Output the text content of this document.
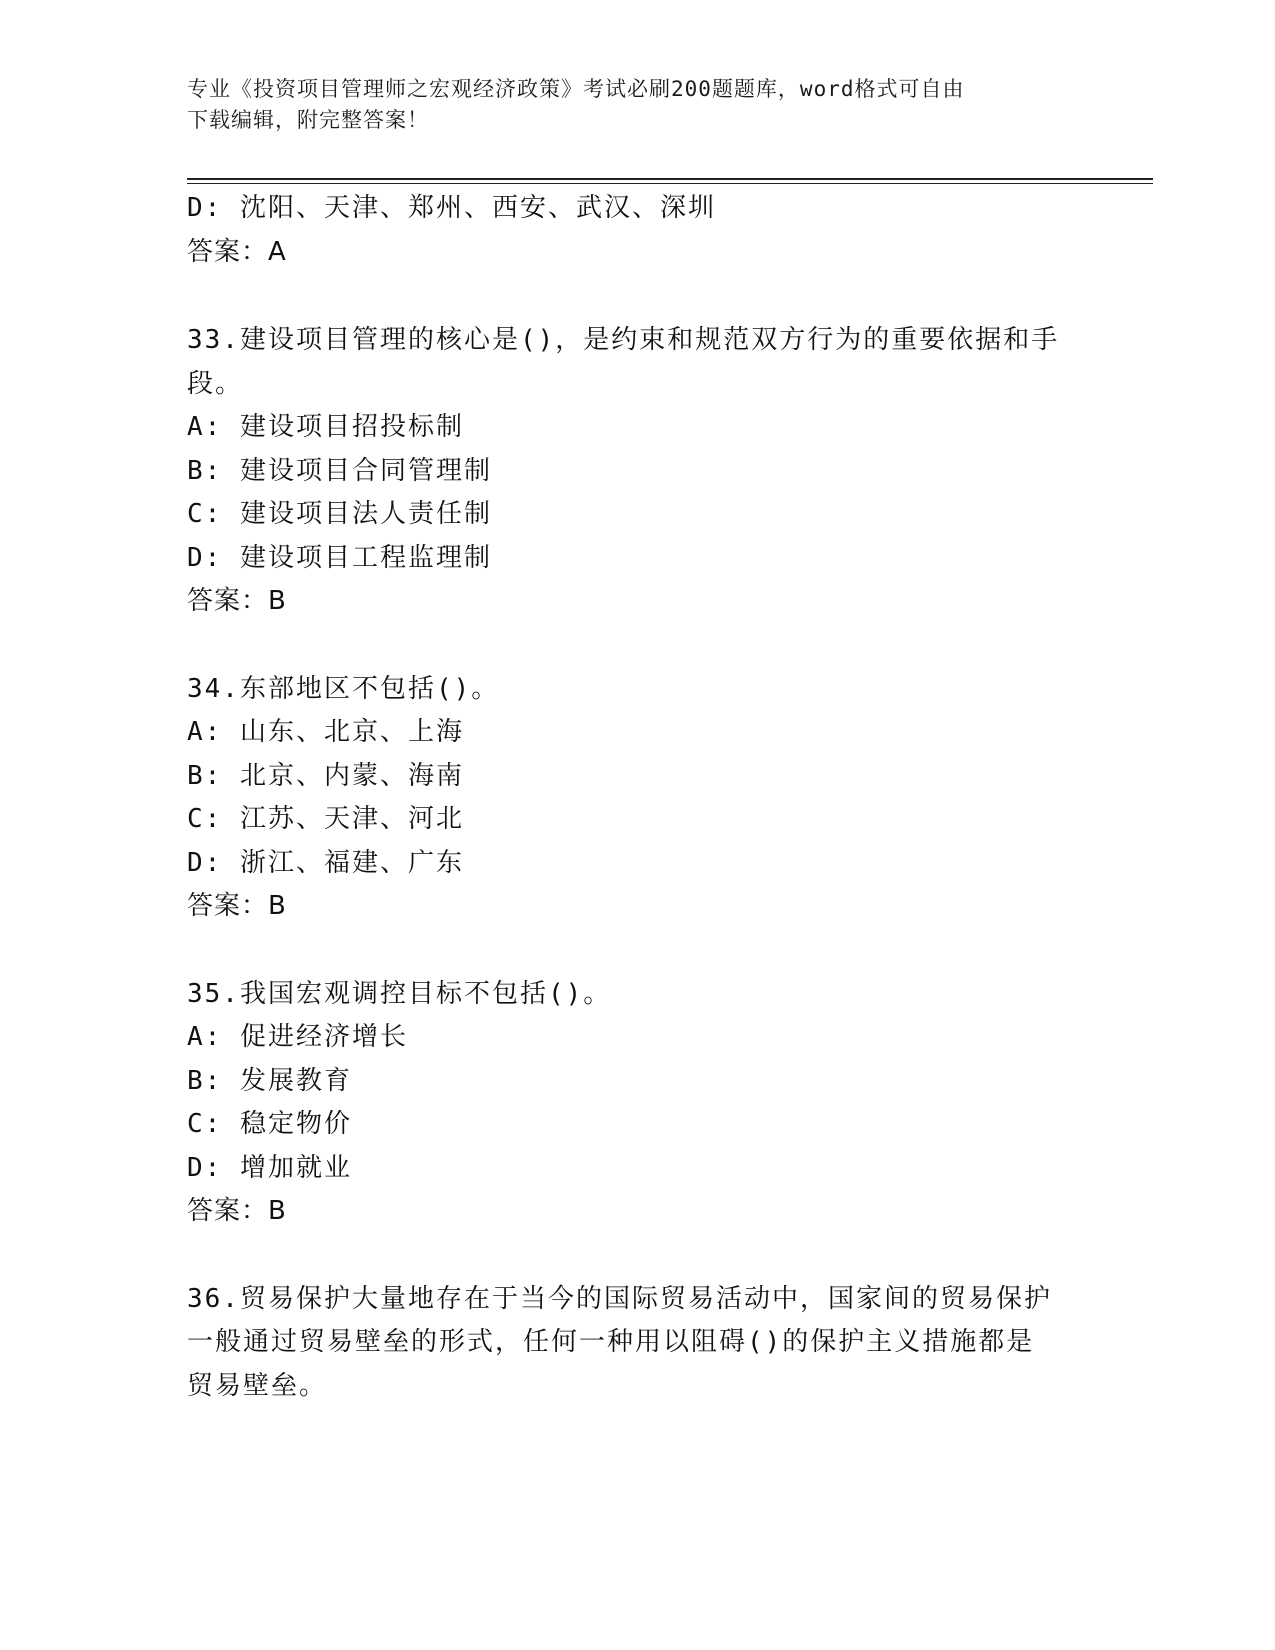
专业《投资项目管理师之宏观经济政策》考试必刷200题题库，word格式可自由
下载编辑，附完整答案！
D: 沈阳、天津、郑州、西安、武汉、深圳
答案：A
33.建设项目管理的核心是()，是约束和规范双方行为的重要依据和手
段。
A: 建设项目招投标制
B: 建设项目合同管理制
C: 建设项目法人责任制
D: 建设项目工程监理制
答案：B
34.东部地区不包括()。
A: 山东、北京、上海
B: 北京、内蒙、海南
C: 江苏、天津、河北
D: 浙江、福建、广东
答案：B
35.我国宏观调控目标不包括()。
A: 促进经济增长
B: 发展教育
C: 稳定物价
D: 增加就业
答案：B
36.贸易保护大量地存在于当今的国际贸易活动中，国家间的贸易保护
一般通过贸易壁垒的形式，任何一种用以阻碍()的保护主义措施都是
贸易壁垒。
